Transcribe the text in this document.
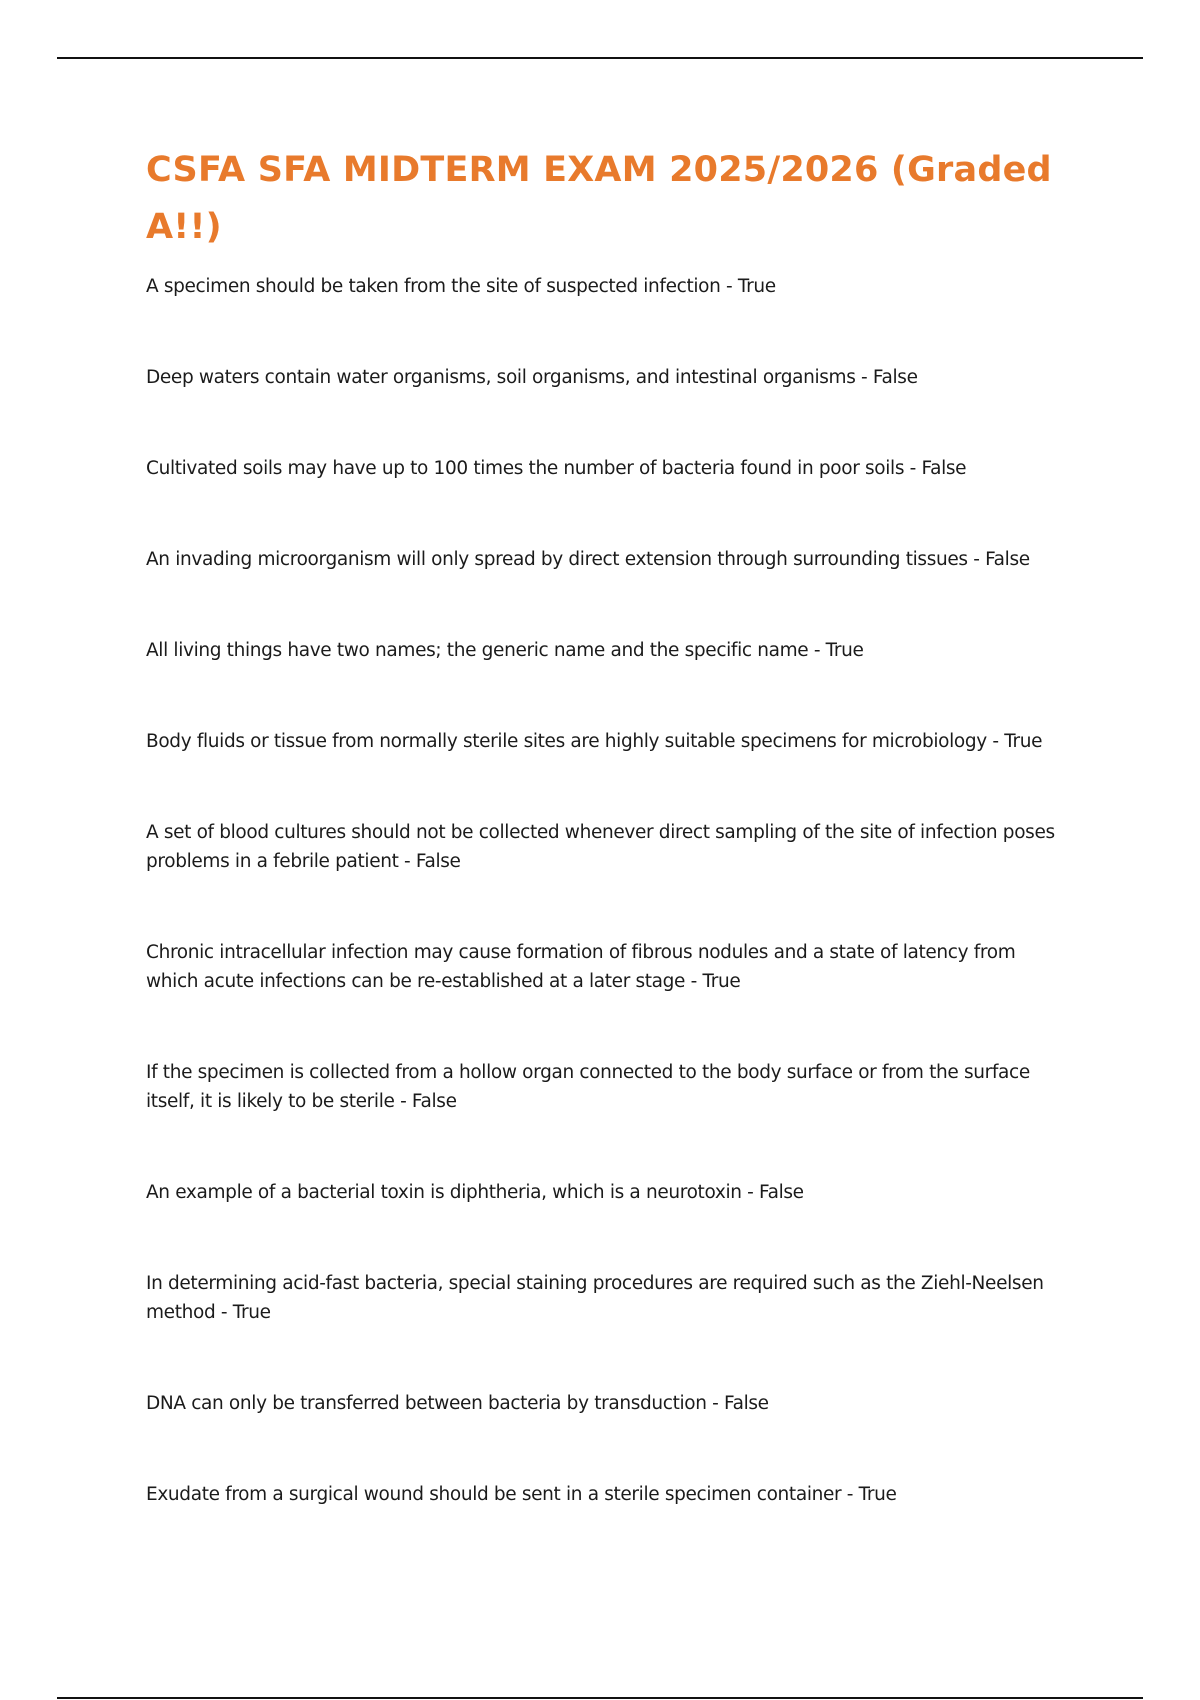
CSFA SFA MIDTERM EXAM 2025/2026 (Graded A!!)
A specimen should be taken from the site of suspected infection - True
Deep waters contain water organisms, soil organisms, and intestinal organisms - False
Cultivated soils may have up to 100 times the number of bacteria found in poor soils - False
An invading microorganism will only spread by direct extension through surrounding tissues - False
All living things have two names; the generic name and the specific name - True
Body fluids or tissue from normally sterile sites are highly suitable specimens for microbiology - True
A set of blood cultures should not be collected whenever direct sampling of the site of infection poses problems in a febrile patient - False
Chronic intracellular infection may cause formation of fibrous nodules and a state of latency from which acute infections can be re-established at a later stage - True
If the specimen is collected from a hollow organ connected to the body surface or from the surface itself, it is likely to be sterile - False
An example of a bacterial toxin is diphtheria, which is a neurotoxin - False
In determining acid-fast bacteria, special staining procedures are required such as the Ziehl-Neelsen method - True
DNA can only be transferred between bacteria by transduction - False
Exudate from a surgical wound should be sent in a sterile specimen container - True
